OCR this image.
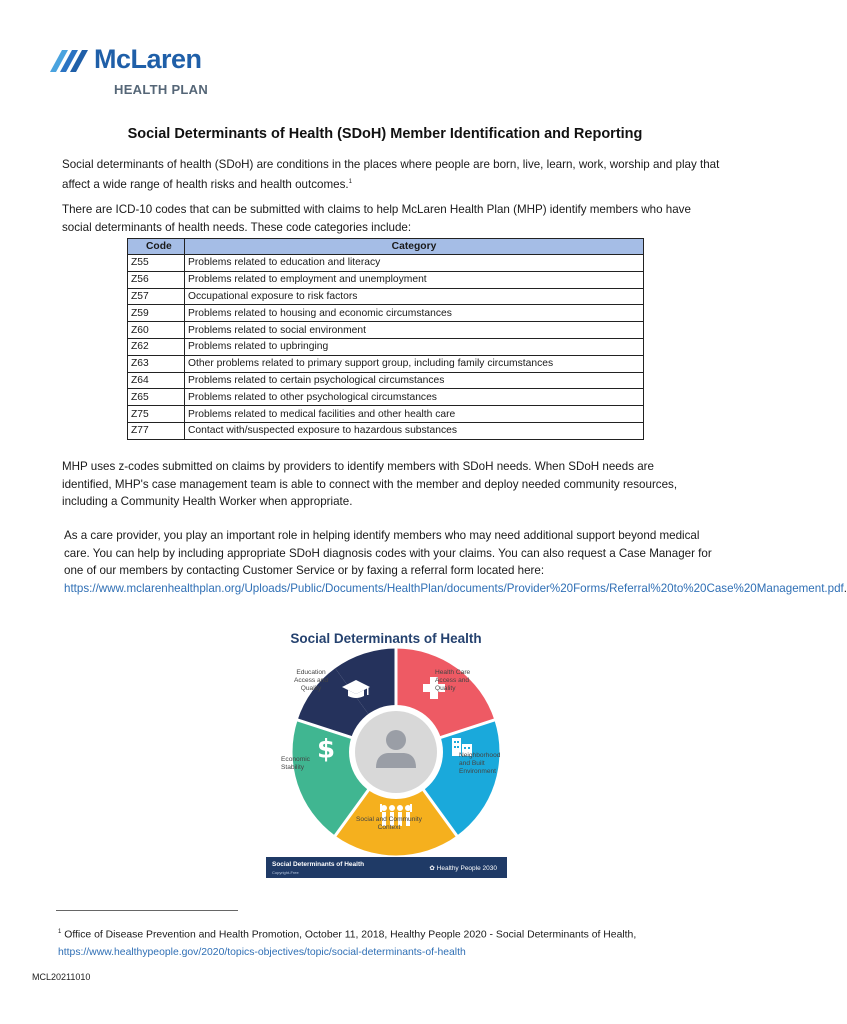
McLaren
HEALTH PLAN
Social Determinants of Health (SDoH) Member Identification and Reporting
Social determinants of health (SDoH) are conditions in the places where people are born, live, learn, work, worship and play that affect a wide range of health risks and health outcomes.$^1$
There are ICD-10 codes that can be submitted with claims to help McLaren Health Plan (MHP) identify members who have social determinants of health needs. These code categories include:
Code	Category
Z55	Problems related to education and literacy
Z56	Problems related to employment and unemployment
Z57	Occupational exposure to risk factors
Z59	Problems related to housing and economic circumstances
Z60	Problems related to social environment
Z62	Problems related to upbringing
Z63	Other problems related to primary support group, including family circumstances
Z64	Problems related to certain psychological circumstances
Z65	Problems related to other psychological circumstances
Z75	Problems related to medical facilities and other health care
Z77	Contact with/suspected exposure to hazardous substances
MHP uses z-codes submitted on claims by providers to identify members with SDoH needs. When SDoH needs are identified, MHP's case management team is able to connect with the member and deploy needed community resources, including a Community Health Worker when appropriate.
As a care provider, you play an important role in helping identify members who may need additional support beyond medical care. You can help by including appropriate SDoH diagnosis codes with your claims. You can also request a Case Manager for one of our members by contacting Customer Service or by faxing a referral form located here: https://www.mclarenhealthplan.org/Uploads/Public/Documents/HealthPlan/documents/Provider%20Forms/Referral%20to%20Case%20Management.pdf.
Social Determinants of Health
$
Education Access and Quality
Health Care Access and Quality
Neighborhood and Built Environment
Social and Community Context
Economic Stability
Social Determinants of Health
Copyright-Free
✿ Healthy People 2030
$^1$ Office of Disease Prevention and Health Promotion, October 11, 2018, Healthy People 2020 - Social Determinants of Health,
https://www.healthypeople.gov/2020/topics-objectives/topic/social-determinants-of-health
MCL20211010
